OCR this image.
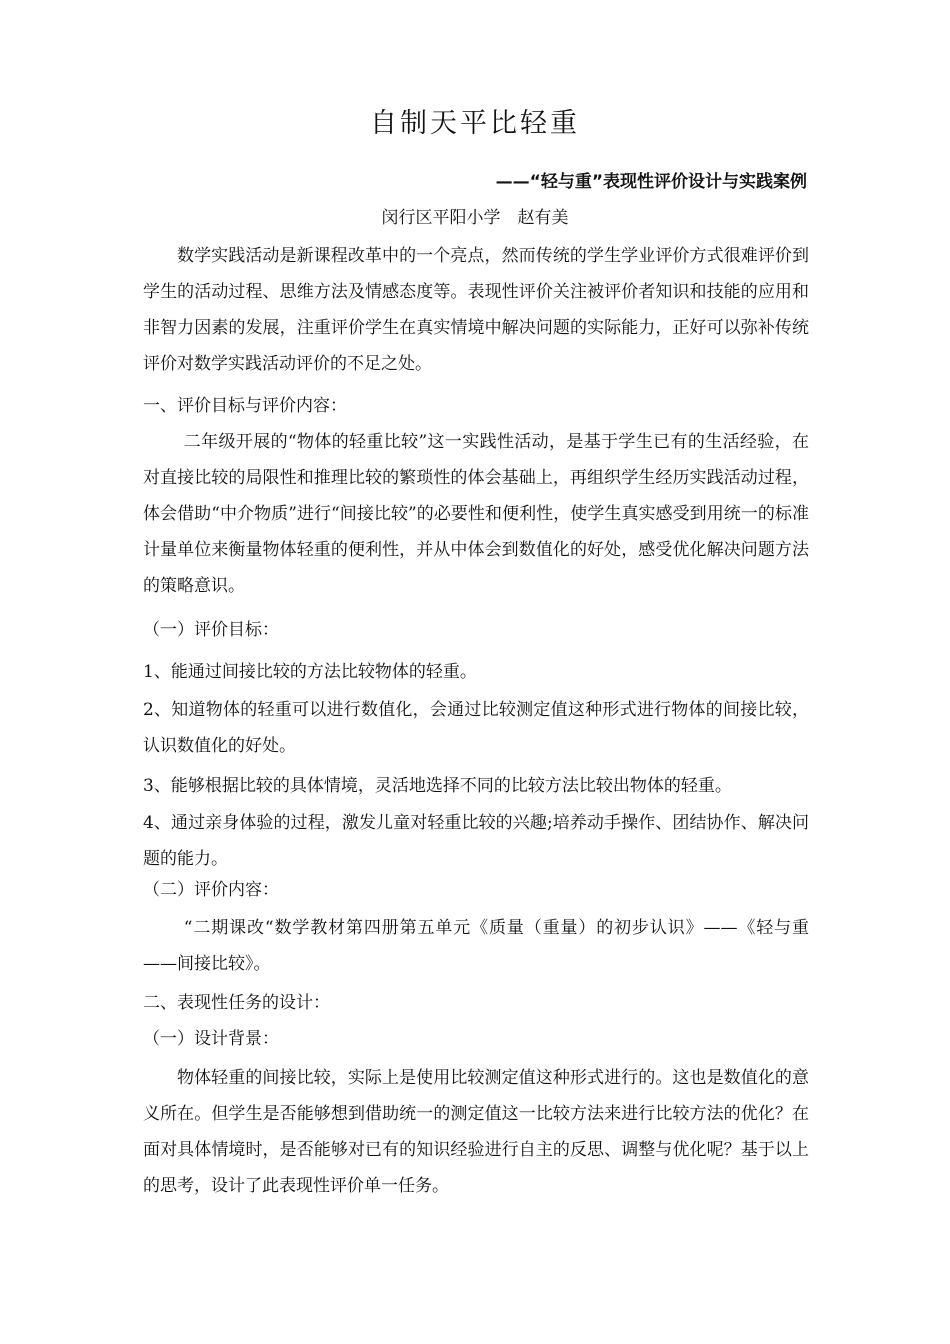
自制天平比轻重
——“轻与重”表现性评价设计与实践案例
闵行区平阳小学　赵有美

数学实践活动是新课程改革中的一个亮点，然而传统的学生学业评价方式很难评价到学生的活动过程、思维方法及情感态度等。表现性评价关注被评价者知识和技能的应用和非智力因素的发展，注重评价学生在真实情境中解决问题的实际能力，正好可以弥补传统评价对数学实践活动评价的不足之处。

一、评价目标与评价内容：

二年级开展的“物体的轻重比较”这一实践性活动，是基于学生已有的生活经验，在对直接比较的局限性和推理比较的繁琐性的体会基础上，再组织学生经历实践活动过程，体会借助“中介物质”进行“间接比较”的必要性和便利性，使学生真实感受到用统一的标准计量单位来衡量物体轻重的便利性，并从中体会到数值化的好处，感受优化解决问题方法的策略意识。

（一）评价目标：

1、能通过间接比较的方法比较物体的轻重。

2、知道物体的轻重可以进行数值化，会通过比较测定值这种形式进行物体的间接比较，认识数值化的好处。

3、能够根据比较的具体情境，灵活地选择不同的比较方法比较出物体的轻重。

4、通过亲身体验的过程，激发儿童对轻重比较的兴趣;培养动手操作、团结协作、解决问题的能力。

（二）评价内容：

“二期课改“数学教材第四册第五单元《质量（重量）的初步认识》——《轻与重——间接比较》。

二、表现性任务的设计：

（一）设计背景：

物体轻重的间接比较，实际上是使用比较测定值这种形式进行的。这也是数值化的意义所在。但学生是否能够想到借助统一的测定值这一比较方法来进行比较方法的优化？在面对具体情境时，是否能够对已有的知识经验进行自主的反思、调整与优化呢？基于以上的思考，设计了此表现性评价单一任务。
